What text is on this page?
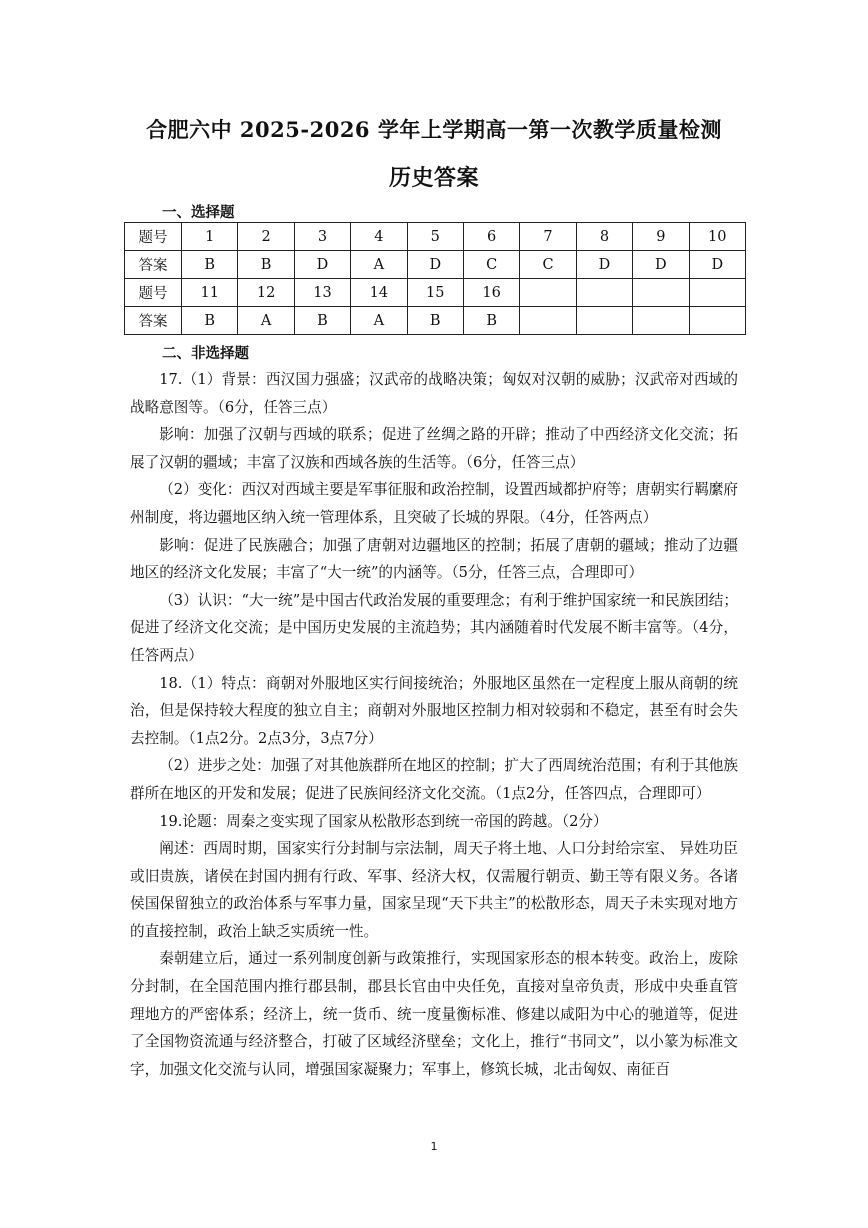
合肥六中 2025-2026 学年上学期高一第一次教学质量检测
历史答案
一、选择题
题号	1	2	3	4	5	6	7	8	9	10
答案	B	B	D	A	D	C	C	D	D	D
题号	11	12	13	14	15	16				
答案	B	A	B	A	B	B				
二、非选择题

17.（1）背景：西汉国力强盛；汉武帝的战略决策；匈奴对汉朝的威胁；汉武帝对西域的战略意图等。（6分，任答三点）

影响：加强了汉朝与西域的联系；促进了丝绸之路的开辟；推动了中西经济文化交流；拓展了汉朝的疆域；丰富了汉族和西域各族的生活等。（6分，任答三点）

（2）变化：西汉对西域主要是军事征服和政治控制，设置西域都护府等；唐朝实行羁縻府州制度，将边疆地区纳入统一管理体系，且突破了长城的界限。（4分，任答两点）

影响：促进了民族融合；加强了唐朝对边疆地区的控制；拓展了唐朝的疆域；推动了边疆地区的经济文化发展；丰富了“大一统”的内涵等。（5分，任答三点，合理即可）

（3）认识：“大一统”是中国古代政治发展的重要理念；有利于维护国家统一和民族团结；促进了经济文化交流；是中国历史发展的主流趋势；其内涵随着时代发展不断丰富等。（4分，任答两点）

18.（1）特点：商朝对外服地区实行间接统治；外服地区虽然在一定程度上服从商朝的统治，但是保持较大程度的独立自主；商朝对外服地区控制力相对较弱和不稳定，甚至有时会失去控制。（1点2分。2点3分，3点7分）

（2）进步之处：加强了对其他族群所在地区的控制；扩大了西周统治范围；有利于其他族群所在地区的开发和发展；促进了民族间经济文化交流。（1点2分，任答四点，合理即可）

19.论题：周秦之变实现了国家从松散形态到统一帝国的跨越。（2分）

阐述：西周时期，国家实行分封制与宗法制，周天子将土地、人口分封给宗室、 异姓功臣或旧贵族，诸侯在封国内拥有行政、军事、经济大权，仅需履行朝贡、勤王等有限义务。各诸侯国保留独立的政治体系与军事力量，国家呈现“天下共主”的松散形态，周天子未实现对地方的直接控制，政治上缺乏实质统一性。

秦朝建立后，通过一系列制度创新与政策推行，实现国家形态的根本转变。政治上，废除分封制，在全国范围内推行郡县制，郡县长官由中央任免，直接对皇帝负责，形成中央垂直管理地方的严密体系；经济上，统一货币、统一度量衡标准、修建以咸阳为中心的驰道等，促进了全国物资流通与经济整合，打破了区域经济壁垒；文化上，推行“书同文”，以小篆为标准文字，加强文化交流与认同，增强国家凝聚力；军事上，修筑长城，北击匈奴、南征百

1
